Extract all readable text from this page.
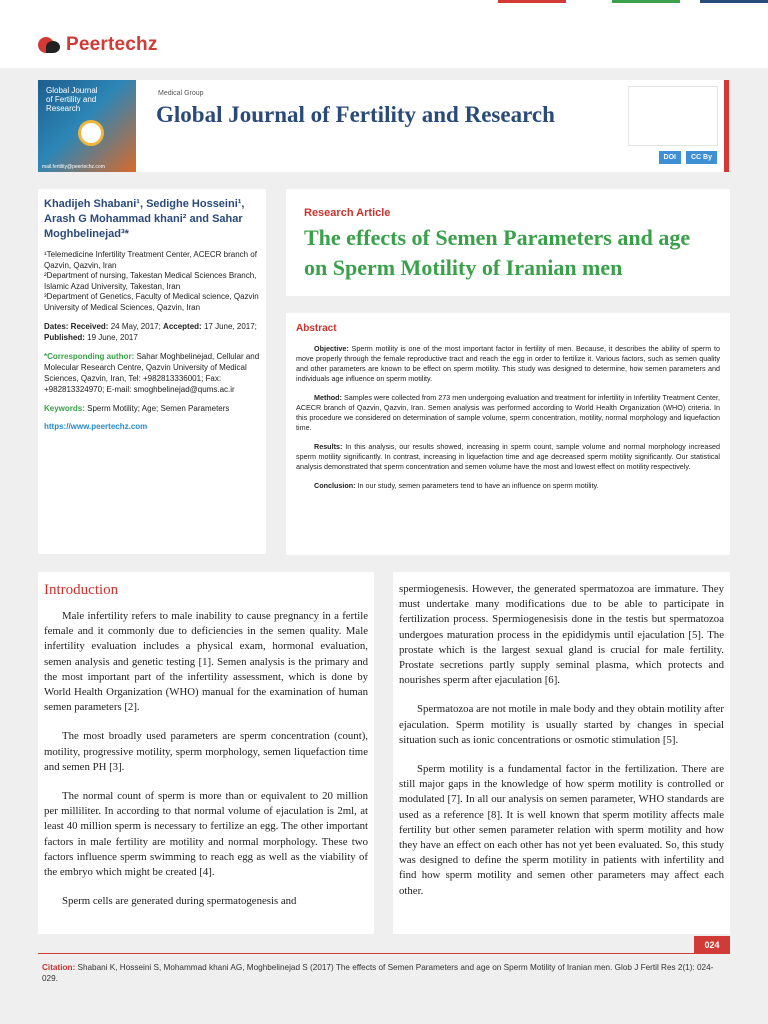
Peertechz
Global Journal of Fertility and Research
mail.fertility@peertechz.com
Medical Group
Global Journal of Fertility and Research
DOI	CC By
Khadijeh Shabani¹, Sedighe Hosseini¹, Arash G Mohammad khani² and Sahar Moghbelinejad³*
¹Telemedicine Infertility Treatment Center, ACECR branch of Qazvin, Qazvin, Iran
²Department of nursing, Takestan Medical Sciences Branch, Islamic Azad University, Takestan, Iran
³Department of Genetics, Faculty of Medical science, Qazvin University of Medical Sciences, Qazvin, Iran
Dates: Received: 24 May, 2017; Accepted: 17 June, 2017; Published: 19 June, 2017
*Corresponding author: Sahar Moghbelinejad, Cellular and Molecular Research Centre, Qazvin University of Medical Sciences, Qazvin, Iran, Tel: +982813336001; Fax: +982813324970; E-mail: smoghbelinejad@qums.ac.ir
Keywords: Sperm Motility; Age; Semen Parameters
https://www.peertechz.com
Research Article
The effects of Semen Parameters and age on Sperm Motility of Iranian men
Abstract

Objective: Sperm motility is one of the most important factor in fertility of men. Because, it describes the ability of sperm to move properly through the female reproductive tract and reach the egg in order to fertilize it. Various factors, such as semen quality and other parameters are known to be effect on sperm motility. This study was designed to determine, how semen parameters and individuals age influence on sperm motility.

Method: Samples were collected from 273 men undergoing evaluation and treatment for infertility in Infertility Treatment Center, ACECR branch of Qazvin, Qazvin, Iran. Semen analysis was performed according to World Health Organization (WHO) criteria. In this procedure we considered on determination of sample volume, sperm concentration, motility, normal morphology and liquefaction time.

Results: In this analysis, our results showed, increasing in sperm count, sample volume and normal morphology increased sperm motility significantly. In contrast, increasing in liquefaction time and age decreased sperm motility significantly. Our statistical analysis demonstrated that sperm concentration and semen volume have the most and lowest effect on motility respectively.

Conclusion: In our study, semen parameters tend to have an influence on sperm motility.

Introduction

Male infertility refers to male inability to cause pregnancy in a fertile female and it commonly due to deficiencies in the semen quality. Male infertility evaluation includes a physical exam, hormonal evaluation, semen analysis and genetic testing [1]. Semen analysis is the primary and the most important part of the infertility assessment, which is done by World Health Organization (WHO) manual for the examination of human semen parameters [2].

The most broadly used parameters are sperm concentration (count), motility, progressive motility, sperm morphology, semen liquefaction time and semen PH [3].

The normal count of sperm is more than or equivalent to 20 million per milliliter. In according to that normal volume of ejaculation is 2ml, at least 40 million sperm is necessary to fertilize an egg. The other important factors in male fertility are motility and normal morphology. These two factors influence sperm swimming to reach egg as well as the viability of the embryo which might be created [4].

Sperm cells are generated during spermatogenesis and

spermiogenesis. However, the generated spermatozoa are immature. They must undertake many modifications due to be able to participate in fertilization process. Spermiogenesisis done in the testis but spermatozoa undergoes maturation process in the epididymis until ejaculation [5]. The prostate which is the largest sexual gland is crucial for male fertility. Prostate secretions partly supply seminal plasma, which protects and nourishes sperm after ejaculation [6].

Spermatozoa are not motile in male body and they obtain motility after ejaculation. Sperm motility is usually started by changes in special situation such as ionic concentrations or osmotic stimulation [5].

Sperm motility is a fundamental factor in the fertilization. There are still major gaps in the knowledge of how sperm motility is controlled or modulated [7]. In all our analysis on semen parameter, WHO standards are used as a reference [8]. It is well known that sperm motility affects male fertility but other semen parameter relation with sperm motility and how they have an effect on each other has not yet been evaluated. So, this study was designed to define the sperm motility in patients with infertility and find how sperm motility and semen other parameters may affect each other.

024
Citation: Shabani K, Hosseini S, Mohammad khani AG, Moghbelinejad S (2017) The effects of Semen Parameters and age on Sperm Motility of Iranian men. Glob J Fertil Res 2(1): 024-029.
